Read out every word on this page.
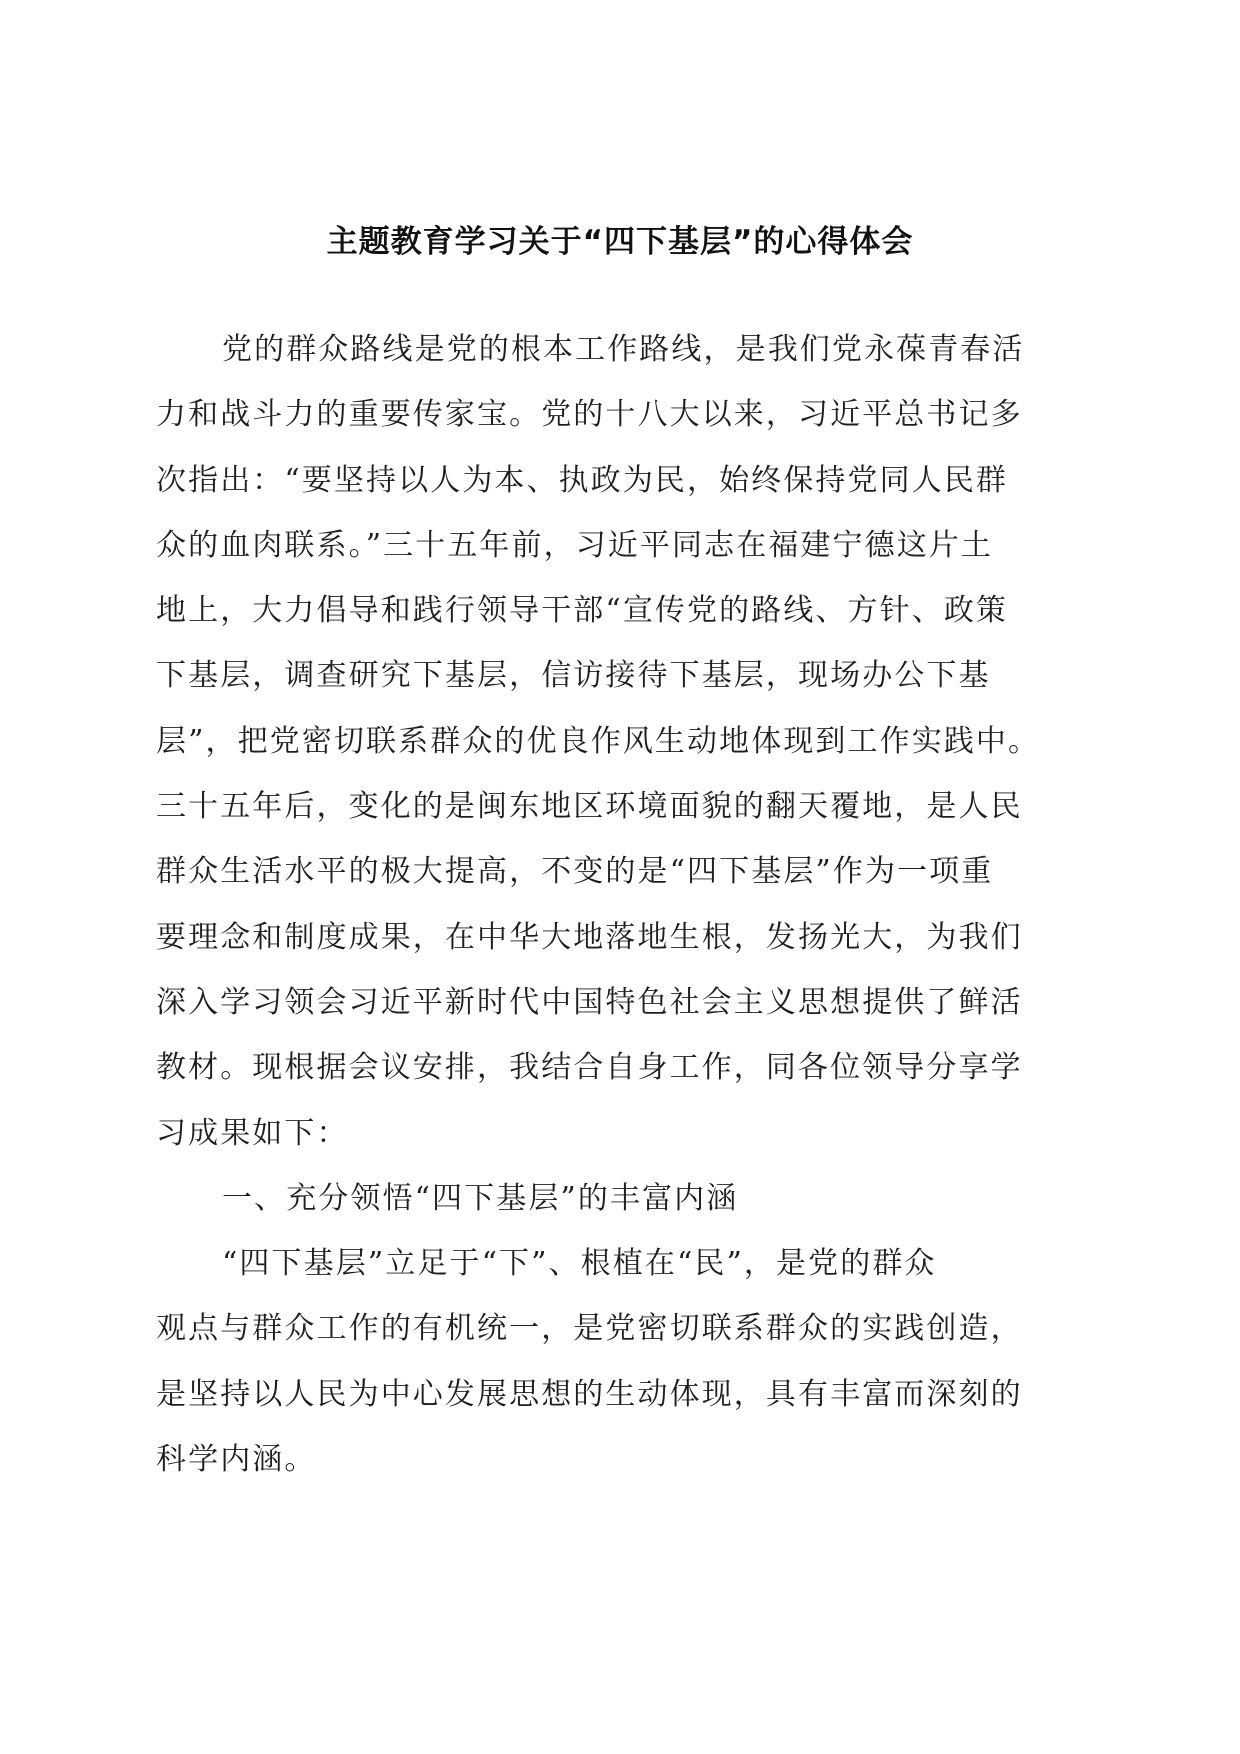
主题教育学习关于“四下基层”的心得体会
党的群众路线是党的根本工作路线，是我们党永葆青春活
力和战斗力的重要传家宝。党的十八大以来，习近平总书记多
次指出：“要坚持以人为本、执政为民，始终保持党同人民群
众的血肉联系。”三十五年前，习近平同志在福建宁德这片土
地上，大力倡导和践行领导干部“宣传党的路线、方针、政策
下基层，调查研究下基层，信访接待下基层，现场办公下基
层”，把党密切联系群众的优良作风生动地体现到工作实践中。
三十五年后，变化的是闽东地区环境面貌的翻天覆地，是人民
群众生活水平的极大提高，不变的是“四下基层”作为一项重
要理念和制度成果，在中华大地落地生根，发扬光大，为我们
深入学习领会习近平新时代中国特色社会主义思想提供了鲜活
教材。现根据会议安排，我结合自身工作，同各位领导分享学
习成果如下：
一、充分领悟“四下基层”的丰富内涵
“四下基层”立足于“下”、根植在“民”，是党的群众
观点与群众工作的有机统一，是党密切联系群众的实践创造，
是坚持以人民为中心发展思想的生动体现，具有丰富而深刻的
科学内涵。
